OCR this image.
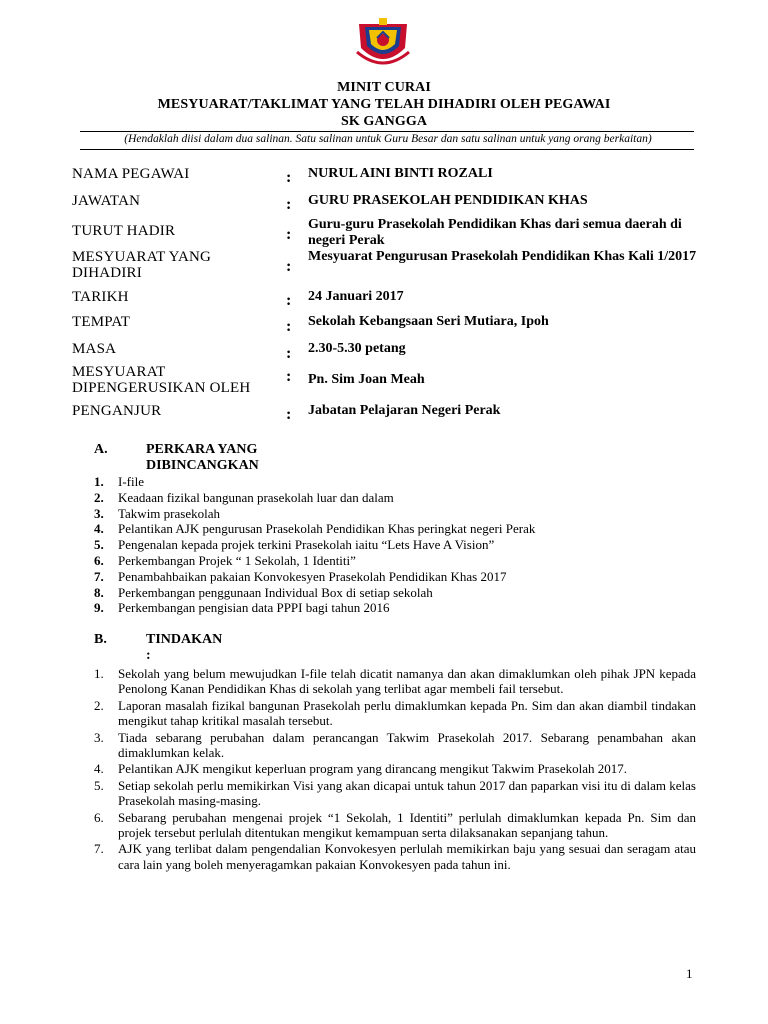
MINIT CURAI
MESYUARAT/TAKLIMAT YANG TELAH DIHADIRI OLEH PEGAWAI
SK GANGGA
(Hendaklah diisi dalam dua salinan. Satu salinan untuk Guru Besar dan satu salinan untuk yang orang berkaitan)
NAMA PEGAWAI	: NURUL AINI BINTI ROZALI
JAWATAN	: GURU PRASEKOLAH PENDIDIKAN KHAS
TURUT HADIR	:
Guru-guru Prasekolah Pendidikan Khas dari semua daerah di negeri Perak
MESYUARAT YANG DIHADIRI	:
Mesyuarat Pengurusan Prasekolah Pendidikan Khas Kali 1/2017
TARIKH	: 24 Januari 2017
TEMPAT	: Sekolah Kebangsaan Seri Mutiara, Ipoh
MASA	: 2.30-5.30 petang
MESYUARAT DIPENGERUSIKAN OLEH
: Pn. Sim Joan Meah
PENGANJUR	: Jabatan Pelajaran Negeri Perak
A.	PERKARA YANG DIBINCANGKAN
1. I-file
2. Keadaan fizikal bangunan prasekolah luar dan dalam
3. Takwim prasekolah
4. Pelantikan AJK pengurusan Prasekolah Pendidikan Khas peringkat negeri Perak
5. Pengenalan kepada projek terkini Prasekolah iaitu “Lets Have A Vision”
6. Perkembangan Projek “ 1 Sekolah, 1 Identiti”
7. Penambahbaikan pakaian Konvokesyen Prasekolah Pendidikan Khas 2017
8. Perkembangan penggunaan Individual Box di setiap sekolah
9. Perkembangan pengisian data PPPI bagi tahun 2016
B.	TINDAKAN :
1. Sekolah yang belum mewujudkan I-file telah dicatit namanya dan akan dimaklumkan oleh pihak JPN kepada Penolong Kanan Pendidikan Khas di sekolah yang terlibat agar membeli fail tersebut.
2. Laporan masalah fizikal bangunan Prasekolah perlu dimaklumkan kepada Pn. Sim dan akan diambil tindakan mengikut tahap kritikal masalah tersebut.
3. Tiada sebarang perubahan dalam perancangan Takwim Prasekolah 2017. Sebarang penambahan akan dimaklumkan kelak.
4. Pelantikan AJK mengikut keperluan program yang dirancang mengikut Takwim Prasekolah 2017.
5. Setiap sekolah perlu memikirkan Visi yang akan dicapai untuk tahun 2017 dan paparkan visi itu di dalam kelas Prasekolah masing-masing.
6. Sebarang perubahan mengenai projek “1 Sekolah, 1 Identiti” perlulah dimaklumkan kepada Pn. Sim dan projek tersebut perlulah ditentukan mengikut kemampuan serta dilaksanakan sepanjang tahun.
7. AJK yang terlibat dalam pengendalian Konvokesyen perlulah memikirkan baju yang sesuai dan seragam atau cara lain yang boleh menyeragamkan pakaian Konvokesyen pada tahun ini.
1
